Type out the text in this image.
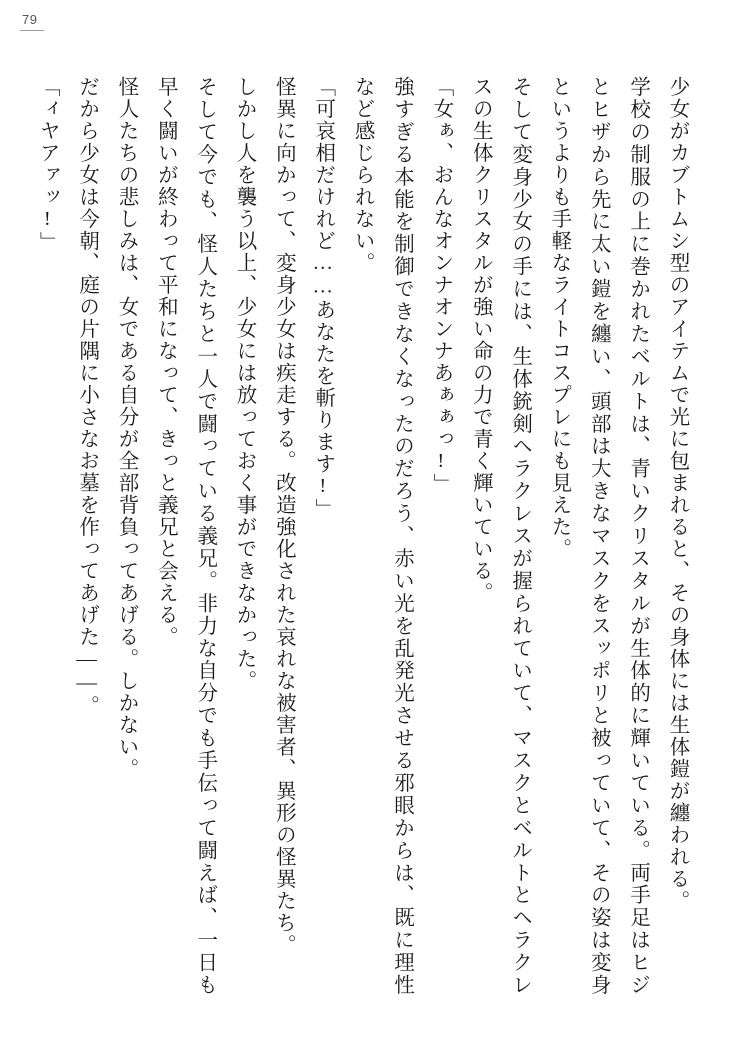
79

少女がカブトムシ型のアイテムで光に包まれると、その身体には生体鎧が纏われる。

学校の制服の上に巻かれたベルトは、青いクリスタルが生体的に輝いている。両手足はヒジとヒザから先に太い鎧を纏い、頭部は大きなマスクをスッポリと被っていて、その姿は変身というよりも手軽なライトコスプレにも見えた。

そして変身少女の手には、生体銃剣ヘラクレスが握られていて、マスクとベルトとヘラクレスの生体クリスタルが強い命の力で青く輝いている。

「女ぁ、おんなオンナオンナあぁぁっ!」

強すぎる本能を制御できなくなったのだろう、赤い光を乱発光させる邪眼からは、既に理性など感じられない。

「可哀相だけれど……あなたを斬ります!」

怪異に向かって、変身少女は疾走する。改造強化された哀れな被害者、異形の怪異たち。

しかし人を襲う以上、少女には放っておく事ができなかった。

そして今でも、怪人たちと一人で闘っている義兄。非力な自分でも手伝って闘えば、一日も早く闘いが終わって平和になって、きっと義兄と会える。

怪人たちの悲しみは、女である自分が全部背負ってあげる。しかない。

だから少女は今朝、庭の片隅に小さなお墓を作ってあげた——。

「ィヤアァッ!」
